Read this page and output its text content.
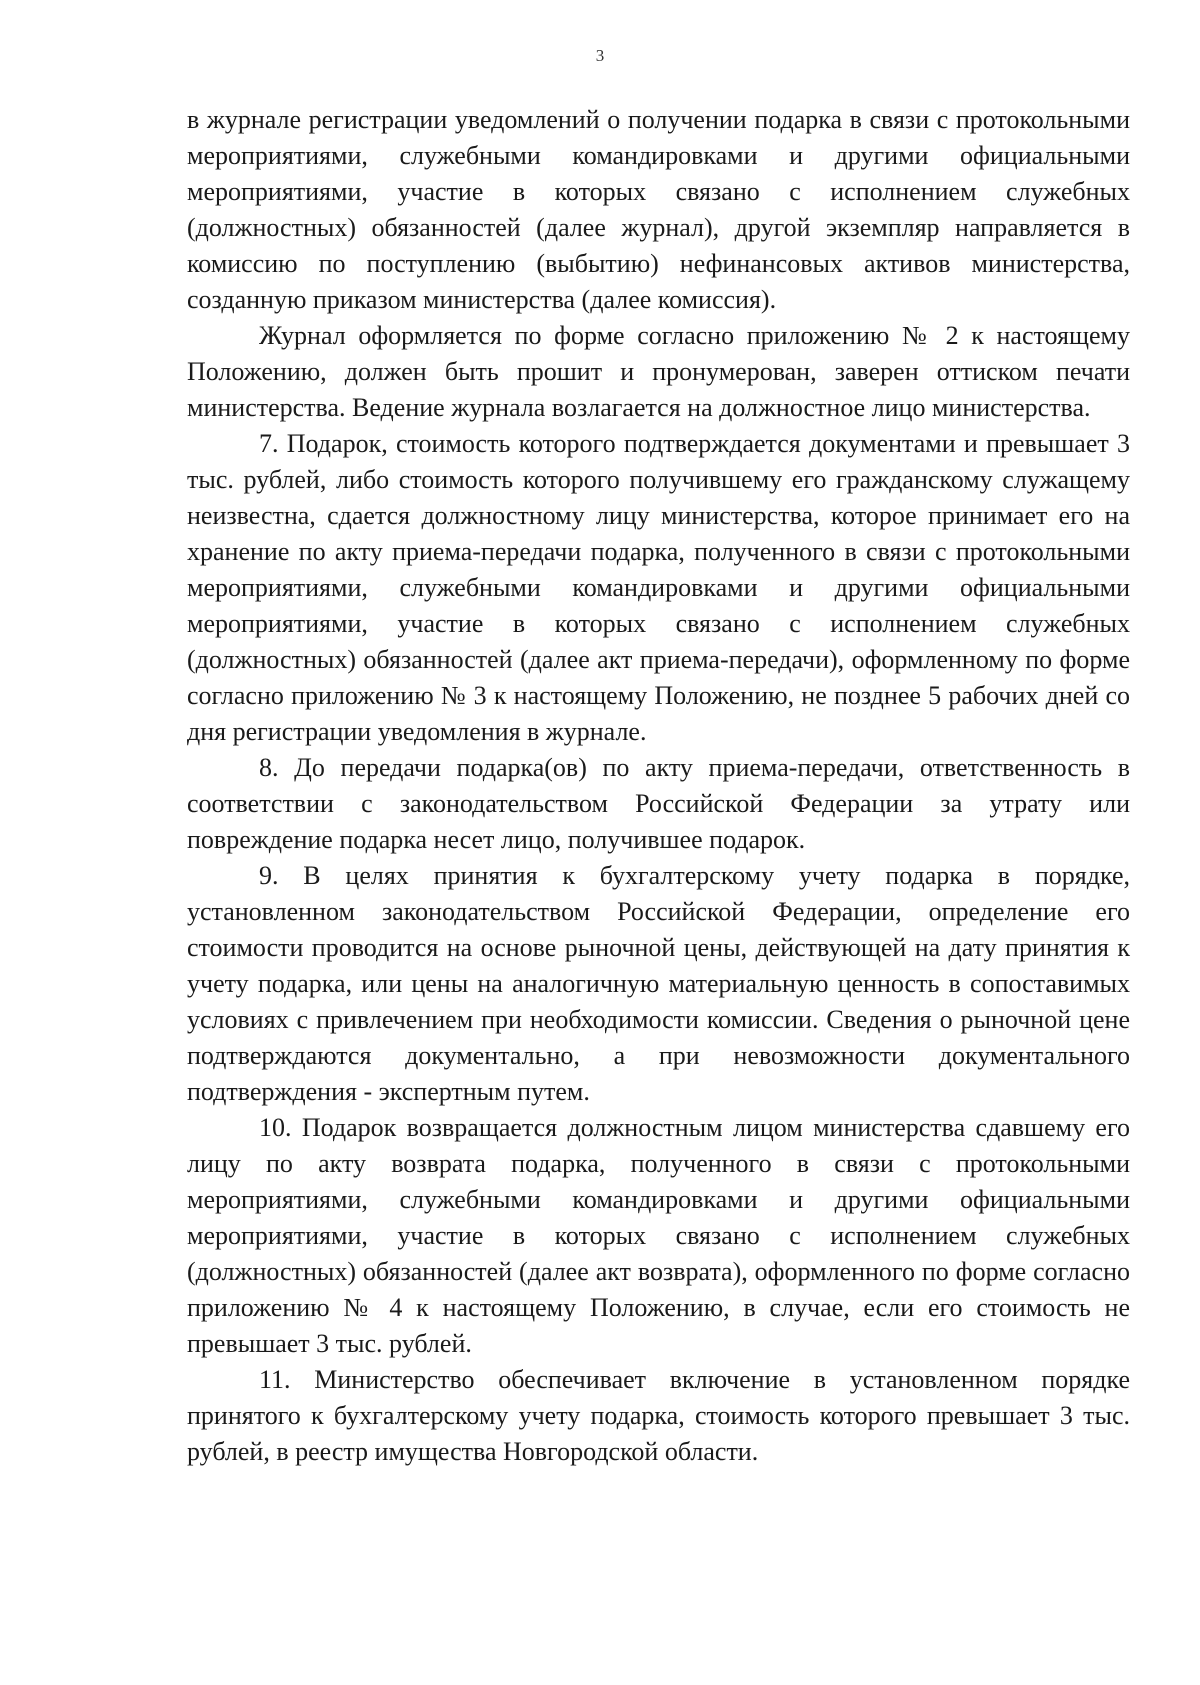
3

в журнале регистрации уведомлений о получении подарка в связи с протокольными мероприятиями, служебными командировками и другими официальными мероприятиями, участие в которых связано с исполнением служебных (должностных) обязанностей (далее журнал), другой экземпляр направляется в комиссию по поступлению (выбытию) нефинансовых активов министерства, созданную приказом министерства (далее комиссия).

Журнал оформляется по форме согласно приложению № 2 к настоящему Положению, должен быть прошит и пронумерован, заверен оттиском печати министерства. Ведение журнала возлагается на должностное лицо министерства.

7. Подарок, стоимость которого подтверждается документами и превышает 3 тыс. рублей, либо стоимость которого получившему его гражданскому служащему неизвестна, сдается должностному лицу министерства, которое принимает его на хранение по акту приема-передачи подарка, полученного в связи с протокольными мероприятиями, служебными командировками и другими официальными мероприятиями, участие в которых связано с исполнением служебных (должностных) обязанностей (далее акт приема-передачи), оформленному по форме согласно приложению № 3 к настоящему Положению, не позднее 5 рабочих дней со дня регистрации уведомления в журнале.

8. До передачи подарка(ов) по акту приема-передачи, ответственность в соответствии с законодательством Российской Федерации за утрату или повреждение подарка несет лицо, получившее подарок.

9. В целях принятия к бухгалтерскому учету подарка в порядке, установленном законодательством Российской Федерации, определение его стоимости проводится на основе рыночной цены, действующей на дату принятия к учету подарка, или цены на аналогичную материальную ценность в сопоставимых условиях с привлечением при необходимости комиссии. Сведения о рыночной цене подтверждаются документально, а при невозможности документального подтверждения - экспертным путем.

10. Подарок возвращается должностным лицом министерства сдавшему его лицу по акту возврата подарка, полученного в связи с протокольными мероприятиями, служебными командировками и другими официальными мероприятиями, участие в которых связано с исполнением служебных (должностных) обязанностей (далее акт возврата), оформленного по форме согласно приложению № 4 к настоящему Положению, в случае, если его стоимость не превышает 3 тыс. рублей.

11. Министерство обеспечивает включение в установленном порядке принятого к бухгалтерскому учету подарка, стоимость которого превышает 3 тыс. рублей, в реестр имущества Новгородской области.
